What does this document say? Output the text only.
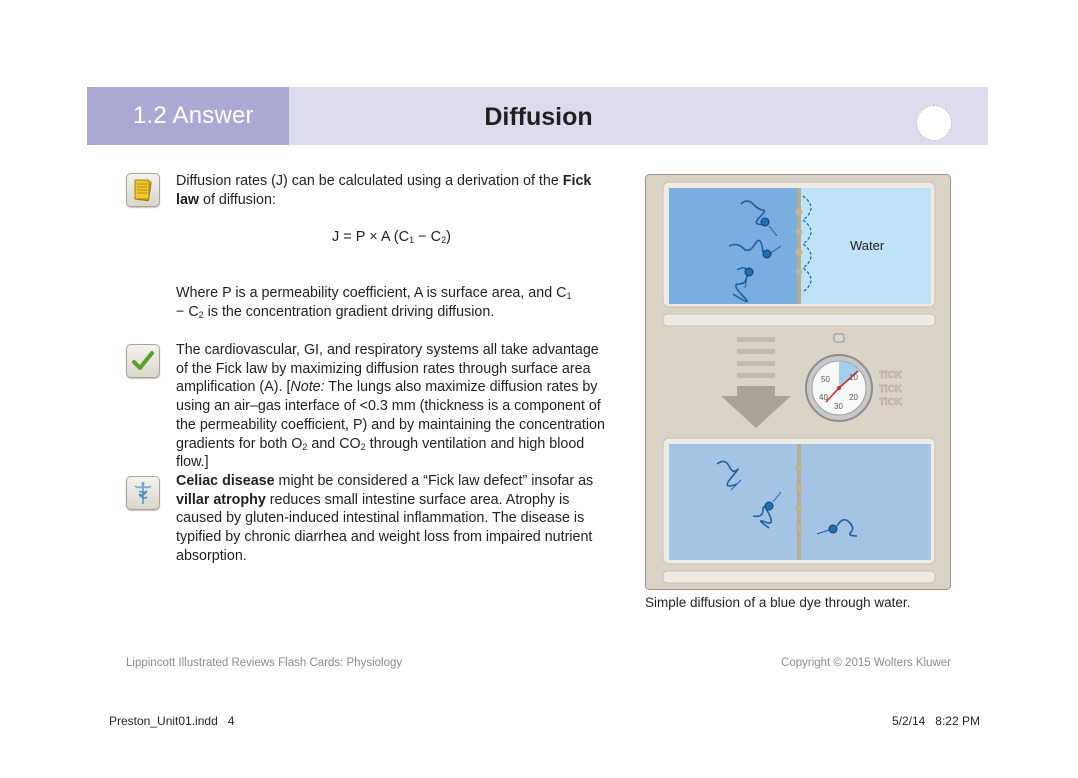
1.2 Answer	Diffusion
Diffusion rates (J) can be calculated using a derivation of the Fick law of diffusion:
J = P × A $(C_1 - C_2)$
Where P is a permeability coefficient, A is surface area, and $C_1 - C_2$ is the concentration gradient driving diffusion.
The cardiovascular, GI, and respiratory systems all take advantage of the Fick law by maximizing diffusion rates through surface area amplification (A). [Note: The lungs also maximize diffusion rates by using an air–gas interface of <0.3 mm (thickness is a component of the permeability coefficient, P) and by maintaining the concentration gradients for both $O_2$ and $CO_2$ through ventilation and high blood flow.]
Celiac disease might be considered a “Fick law defect” insofar as villar atrophy reduces small intestine surface area. Atrophy is caused by gluten-induced intestinal inflammation. The disease is typified by chronic diarrhea and weight loss from impaired nutrient absorption.
Water
50 10
40	20
30
TiCK
TiCK
TiCK
Simple diffusion of a blue dye through water.
Lippincott Illustrated Reviews Flash Cards: Physiology	Copyright © 2015 Wolters Kluwer
Preston_Unit01.indd   4	5/2/14   8:22 PM
